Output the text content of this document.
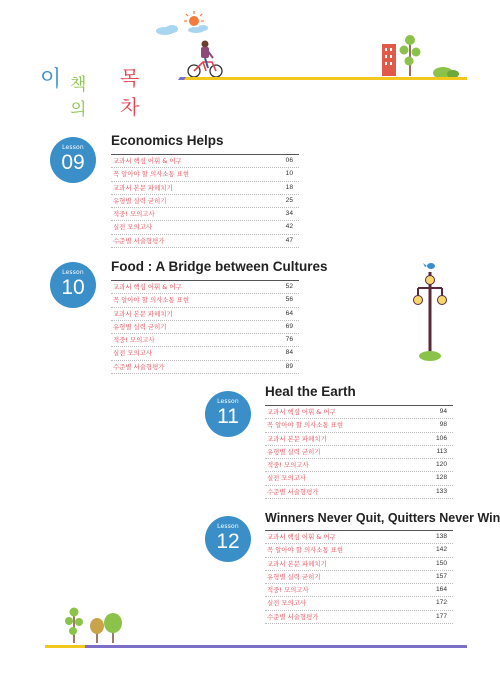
이 책의
목차
Lesson
09
Economics Helps
교과서 핵심 어휘 & 어구	06
꼭 알아야 할 의사소통 표현	10
교과서 본문 파헤치기	18
유형별 실력 굳히기	25
적중! 모의고사	34
실전 모의고사	42
수준별 서술형평가	47
Lesson
10
Food : A Bridge between Cultures
교과서 핵심 어휘 & 어구	52
꼭 알아야 할 의사소통 표현	56
교과서 본문 파헤치기	64
유형별 실력 굳히기	69
적중! 모의고사	76
실전 모의고사	84
수준별 서술형평가	89
Lesson
11
Heal the Earth
교과서 핵심 어휘 & 어구	94
꼭 알아야 할 의사소통 표현	98
교과서 본문 파헤치기	106
유형별 실력 굳히기	113
적중! 모의고사	120
실전 모의고사	128
수준별 서술형평가	133
Lesson
12
Winners Never Quit, Quitters Never Win
교과서 핵심 어휘 & 어구	138
꼭 알아야 할 의사소통 표현	142
교과서 본문 파헤치기	150
유형별 실력 굳히기	157
적중! 모의고사	164
실전 모의고사	172
수준별 서술형평가	177
